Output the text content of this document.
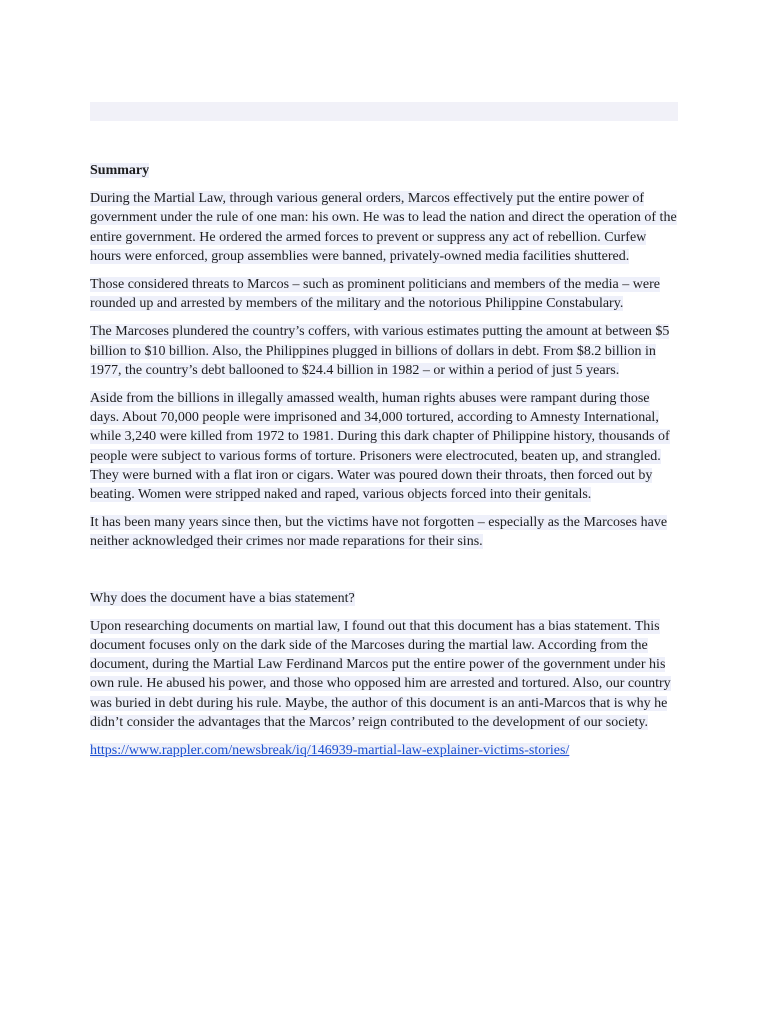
Summary

During the Martial Law, through various general orders, Marcos effectively put the entire power of government under the rule of one man: his own. He was to lead the nation and direct the operation of the entire government. He ordered the armed forces to prevent or suppress any act of rebellion. Curfew hours were enforced, group assemblies were banned, privately-owned media facilities shuttered.

Those considered threats to Marcos – such as prominent politicians and members of the media – were rounded up and arrested by members of the military and the notorious Philippine Constabulary.

The Marcoses plundered the country’s coffers, with various estimates putting the amount at between $5 billion to $10 billion. Also, the Philippines plugged in billions of dollars in debt. From $8.2 billion in 1977, the country’s debt ballooned to $24.4 billion in 1982 – or within a period of just 5 years.

Aside from the billions in illegally amassed wealth, human rights abuses were rampant during those days. About 70,000 people were imprisoned and 34,000 tortured, according to Amnesty International, while 3,240 were killed from 1972 to 1981. During this dark chapter of Philippine history, thousands of people were subject to various forms of torture. Prisoners were electrocuted, beaten up, and strangled. They were burned with a flat iron or cigars. Water was poured down their throats, then forced out by beating. Women were stripped naked and raped, various objects forced into their genitals.

It has been many years since then, but the victims have not forgotten – especially as the Marcoses have neither acknowledged their crimes nor made reparations for their sins.

Why does the document have a bias statement?

Upon researching documents on martial law, I found out that this document has a bias statement. This document focuses only on the dark side of the Marcoses during the martial law. According from the document, during the Martial Law Ferdinand Marcos put the entire power of the government under his own rule. He abused his power, and those who opposed him are arrested and tortured. Also, our country was buried in debt during his rule. Maybe, the author of this document is an anti-Marcos that is why he didn’t consider the advantages that the Marcos’ reign contributed to the development of our society.

https://www.rappler.com/newsbreak/iq/146939-martial-law-explainer-victims-stories/
